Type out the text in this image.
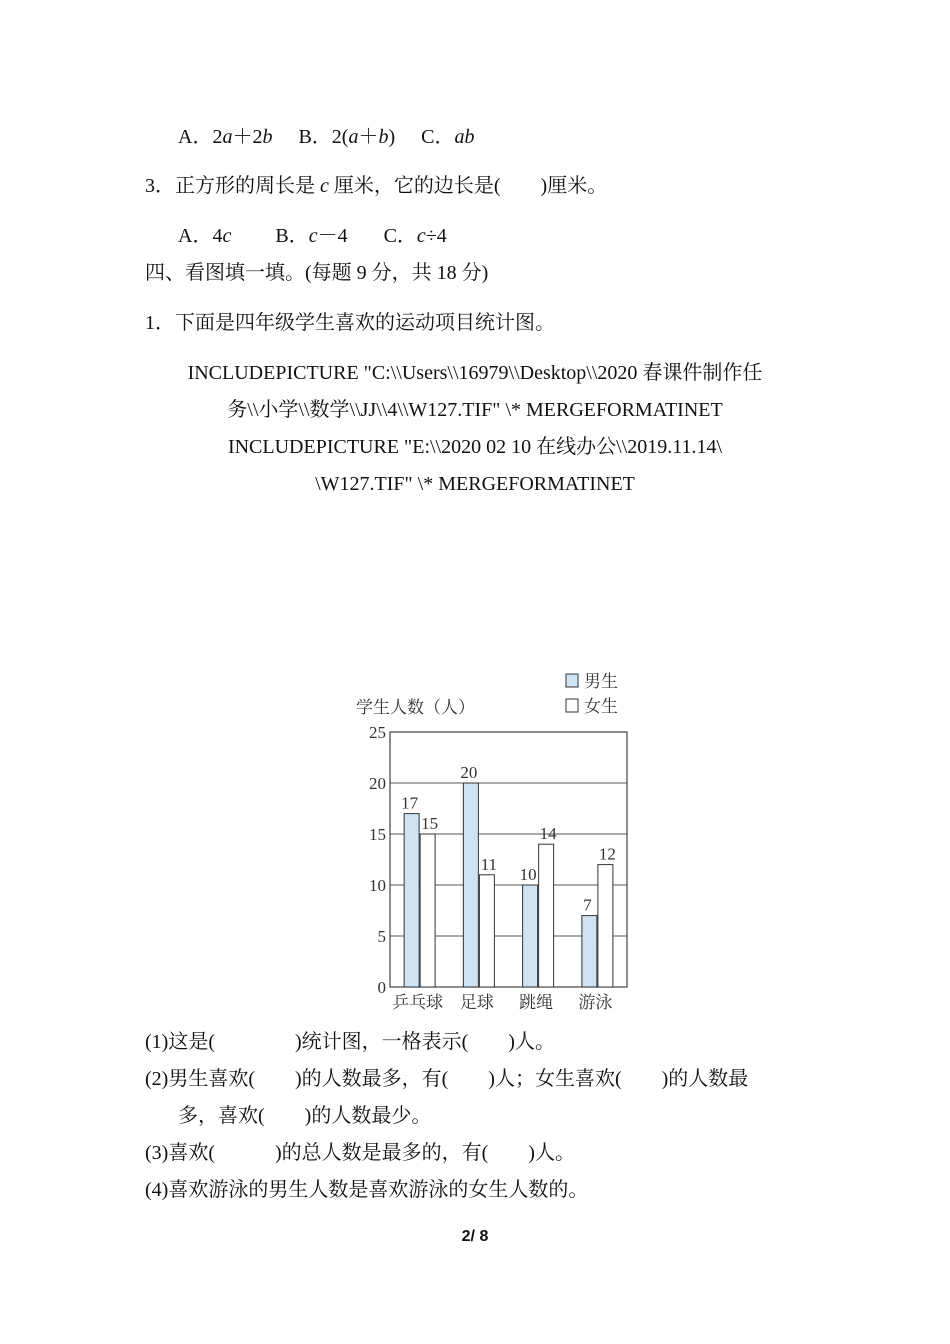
A．2a＋2b B．2(a＋b) C．ab
3．正方形的周长是 c 厘米，它的边长是(　　)厘米。
A．4c B．c－4 C．c÷4
四、看图填一填。(每题 9 分，共 18 分)
1．下面是四年级学生喜欢的运动项目统计图。
INCLUDEPICTURE "C:\\Users\\16979\\Desktop\\2020 春课件制作任
务\\小学\\数学\\JJ\\4\\W127.TIF" \* MERGEFORMATINET
INCLUDEPICTURE "E:\\2020 02 10 在线办公\\2019.11.14\
\W127.TIF" \* MERGEFORMATINET
学生人数（人）
0
5
10
15
20
25
17
15
乒乓球
20
11
足球
10
14
跳绳
7
12
游泳
男生
女生
(1)这是(　　　　)统计图，一格表示(　　)人。
(2)男生喜欢(　　)的人数最多，有(　　)人；女生喜欢(　　)的人数最
多，喜欢(　　)的人数最少。
(3)喜欢(　　　)的总人数是最多的，有(　　)人。
(4)喜欢游泳的男生人数是喜欢游泳的女生人数的。
2/ 8
